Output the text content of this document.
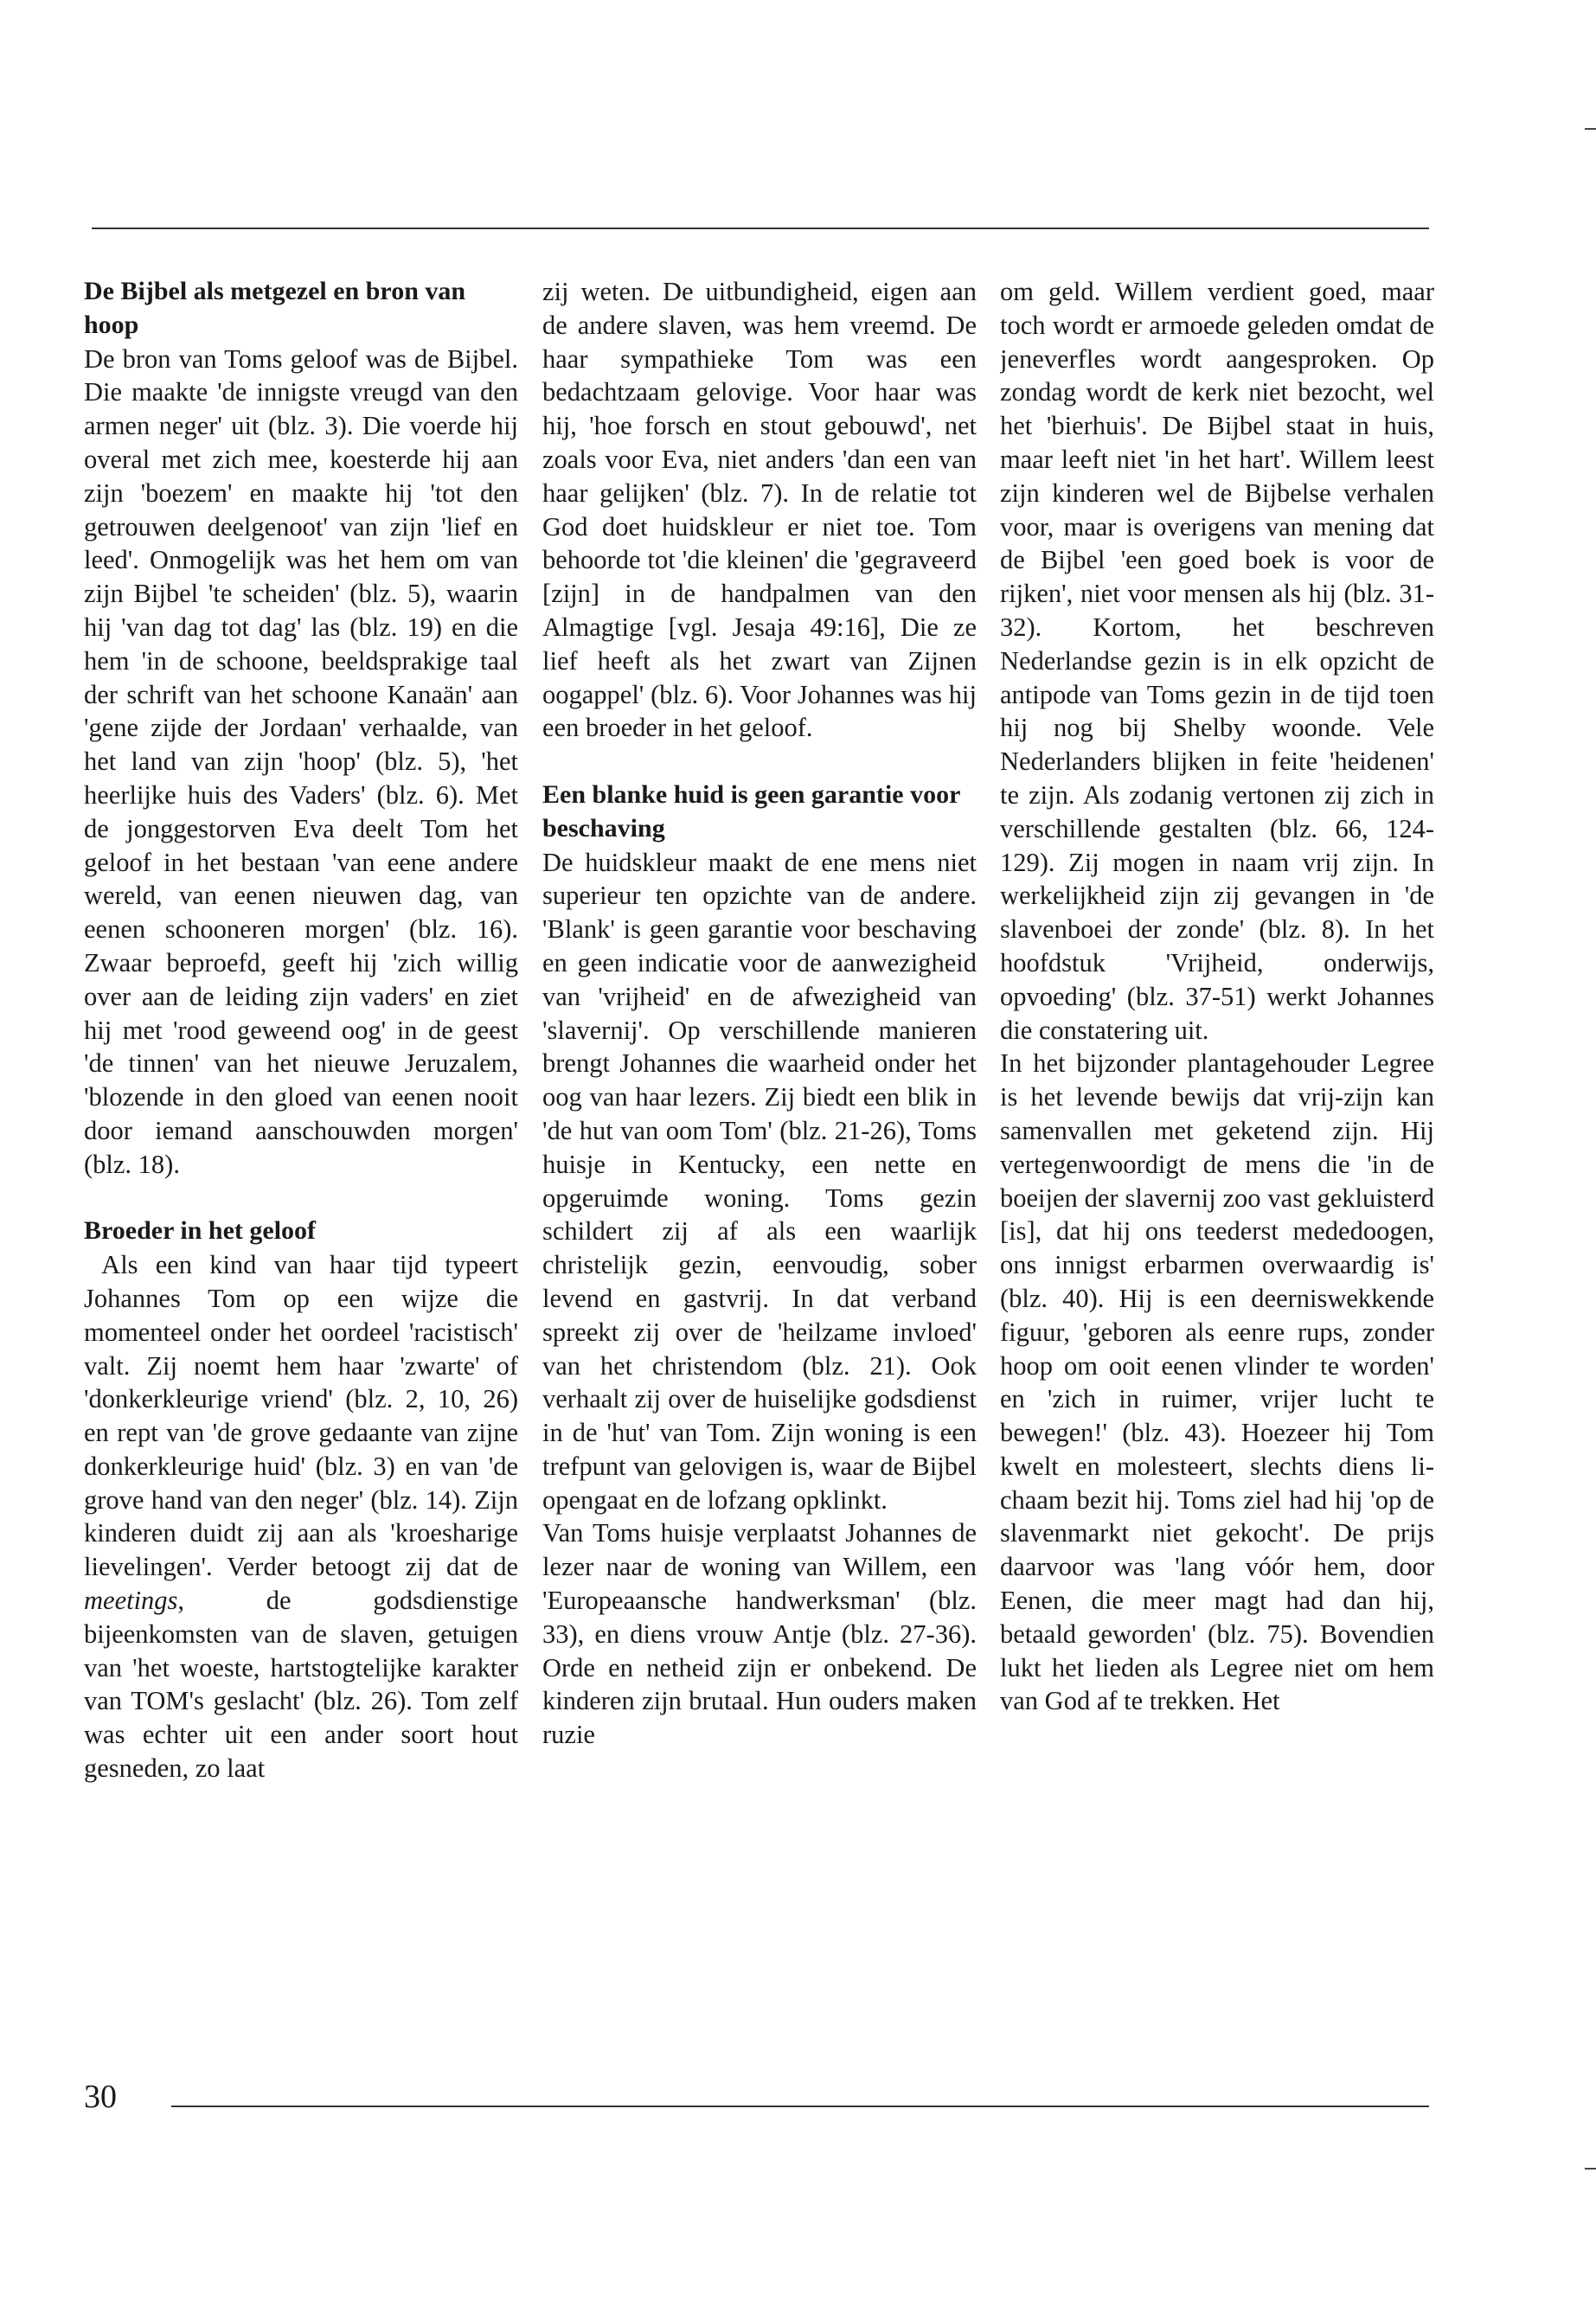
De Bijbel als metgezel en bron van hoop

De bron van Toms geloof was de Bijbel. Die maakte 'de innigste vreugd van den armen neger' uit (blz. 3). Die voerde hij overal met zich mee, koesterde hij aan zijn 'boezem' en maakte hij 'tot den getrouwen deelgenoot' van zijn 'lief en leed'. Onmogelijk was het hem om van zijn Bijbel 'te scheiden' (blz. 5), waarin hij 'van dag tot dag' las (blz. 19) en die hem 'in de schoone, beeldsprakige taal der schrift van het schoone Kanaän' aan 'gene zijde der Jordaan' verhaalde, van het land van zijn 'hoop' (blz. 5), 'het heerlijke huis des Vaders' (blz. 6). Met de jonggestorven Eva deelt Tom het geloof in het bestaan 'van eene andere wereld, van eenen nieuwen dag, van eenen schooneren morgen' (blz. 16). Zwaar beproefd, geeft hij 'zich willig over aan de leiding zijn vaders' en ziet hij met 'rood geweend oog' in de geest 'de tinnen' van het nieuwe Jeruzalem, 'blozende in den gloed van eenen nooit door iemand aanschouwden morgen' (blz. 18).

Broeder in het geloof

Als een kind van haar tijd typeert Johannes Tom op een wijze die momenteel onder het oordeel 'racistisch' valt. Zij noemt hem haar 'zwarte' of 'donkerkleurige vriend' (blz. 2, 10, 26) en rept van 'de grove gedaante van zijne donkerkleurige huid' (blz. 3) en van 'de grove hand van den neger' (blz. 14). Zijn kinderen duidt zij aan als 'kroesharige lievelingen'. Verder betoogt zij dat de meetings, de godsdienstige bijeenkomsten van de slaven, getuigen van 'het woeste, hartstogtelijke karakter van TOM's geslacht' (blz. 26). Tom zelf was echter uit een ander soort hout gesneden, zo laat

zij weten. De uitbundigheid, eigen aan de andere slaven, was hem vreemd. De haar sympathieke Tom was een bedachtzaam gelovige. Voor haar was hij, 'hoe forsch en stout gebouwd', net zoals voor Eva, niet anders 'dan een van haar gelijken' (blz. 7). In de relatie tot God doet huidskleur er niet toe. Tom behoorde tot 'die kleinen' die 'gegraveerd [zijn] in de handpalmen van den Almagtige [vgl. Jesaja 49:16], Die ze lief heeft als het zwart van Zijnen oogappel' (blz. 6). Voor Johannes was hij een broeder in het geloof.

Een blanke huid is geen garantie voor beschaving

De huidskleur maakt de ene mens niet superieur ten opzichte van de andere. 'Blank' is geen garantie voor beschaving en geen indicatie voor de aanwezigheid van 'vrijheid' en de afwezigheid van 'slavernij'. Op verschillende manieren brengt Johannes die waarheid onder het oog van haar lezers. Zij biedt een blik in 'de hut van oom Tom' (blz. 21-26), Toms huisje in Kentucky, een nette en opgeruimde woning. Toms gezin schildert zij af als een waarlijk christelijk gezin, eenvoudig, sober levend en gastvrij. In dat verband spreekt zij over de 'heilzame invloed' van het christendom (blz. 21). Ook verhaalt zij over de huiselijke godsdienst in de 'hut' van Tom. Zijn woning is een trefpunt van gelovigen is, waar de Bijbel opengaat en de lofzang opklinkt.

Van Toms huisje verplaatst Johannes de lezer naar de woning van Willem, een 'Europeaansche handwerksman' (blz. 33), en diens vrouw Antje (blz. 27-36). Orde en netheid zijn er onbekend. De kinderen zijn brutaal. Hun ouders maken ruzie

om geld. Willem verdient goed, maar toch wordt er armoede geleden omdat de jeneverfles wordt aangesproken. Op zondag wordt de kerk niet bezocht, wel het 'bierhuis'. De Bijbel staat in huis, maar leeft niet 'in het hart'. Willem leest zijn kinderen wel de Bijbelse verhalen voor, maar is overigens van mening dat de Bijbel 'een goed boek is voor de rijken', niet voor mensen als hij (blz. 31-32). Kortom, het beschreven Nederlandse gezin is in elk opzicht de antipode van Toms gezin in de tijd toen hij nog bij Shelby woonde. Vele Nederlanders blijken in feite 'heidenen' te zijn. Als zodanig vertonen zij zich in verschillende gestalten (blz. 66, 124-129). Zij mogen in naam vrij zijn. In werkelijkheid zijn zij gevangen in 'de slavenboei der zonde' (blz. 8). In het hoofdstuk 'Vrijheid, onderwijs, opvoeding' (blz. 37-51) werkt Johannes die constatering uit.

In het bijzonder plantagehouder Legree is het levende bewijs dat vrij-zijn kan samenvallen met geketend zijn. Hij vertegenwoordigt de mens die 'in de boeijen der slavernij zoo vast gekluisterd [is], dat hij ons teederst mededoogen, ons innigst erbarmen overwaardig is' (blz. 40). Hij is een deerniswekkende figuur, 'geboren als eenre rups, zonder hoop om ooit eenen vlinder te worden' en 'zich in ruimer, vrijer lucht te bewegen!' (blz. 43). Hoezeer hij Tom kwelt en molesteert, slechts diens lichaam bezit hij. Toms ziel had hij 'op de slavenmarkt niet gekocht'. De prijs daarvoor was 'lang vóór hem, door Eenen, die meer magt had dan hij, betaald geworden' (blz. 75). Bovendien lukt het lieden als Legree niet om hem van God af te trekken. Het

30
